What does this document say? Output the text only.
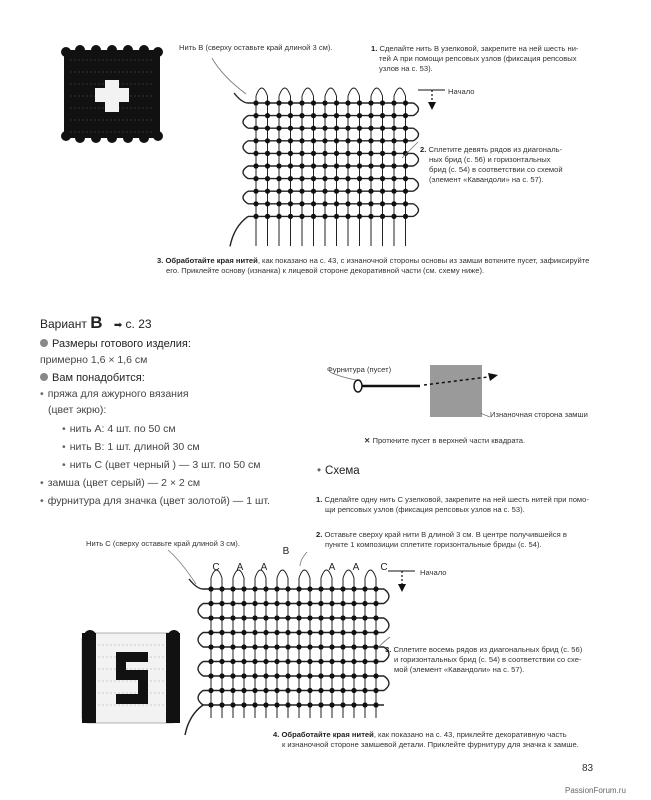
Нить B (сверху оставьте край длиной 3 см).
Начало
1. Сделайте нить B узелковой, закрепите на ней шесть ни-
тей А при помощи репсовых узлов (фиксация репсовых
узлов на с. 53).
2. Сплетите девять рядов из диагональ-
ных брид (с. 56) и горизонтальных
брид (с. 54) в соответствии со схемой
(элемент «Кавандоли» на с. 57).
3. Обработайте края нитей, как показано на с. 43, с изнаночной стороны основы из замши воткните пусет, зафиксируйте
его. Приклейте основу (изнанка) к лицевой стороне декоративной части (см. схему ниже).
Вариант B ➡ с. 23
Размеры готового изделия:
примерно 1,6 × 1,6 см
Вам понадобится:
• пряжа для ажурного вязания
(цвет экрю):
• нить А: 4 шт. по 50 см
• нить В: 1 шт. длиной 30 см
• нить С (цвет черный ) — 3 шт. по 50 см
• замша (цвет серый) — 2 × 2 см
• фурнитура для значка (цвет золотой) — 1 шт.
Фурнитура (пусет)
Изнаночная сторона замши
✕ Проткните пусет в верхней части квадрата.
• Схема
1. Сделайте одну нить С узелковой, закрепите на ней шесть нитей при помо-
щи репсовых узлов (фиксация репсовых узлов на с. 53).
2. Оставьте сверху край нити В длиной 3 см. В центре получившейся в
пункте 1 композиции сплетите горизонтальные бриды (с. 54).
Нить С (сверху оставьте край длиной 3 см).
C A A	A A C
B
Начало
3. Сплетите восемь рядов из диагональных брид (с. 56)
и горизонтальных брид (с. 54) в соответствии со схе-
мой (элемент «Кавандоли» на с. 57).
4. Обработайте края нитей, как показано на с. 43, приклейте декоративную часть
к изнаночной стороне замшевой детали. Приклейте фурнитуру для значка к замше.
83
PassionForum.ru
